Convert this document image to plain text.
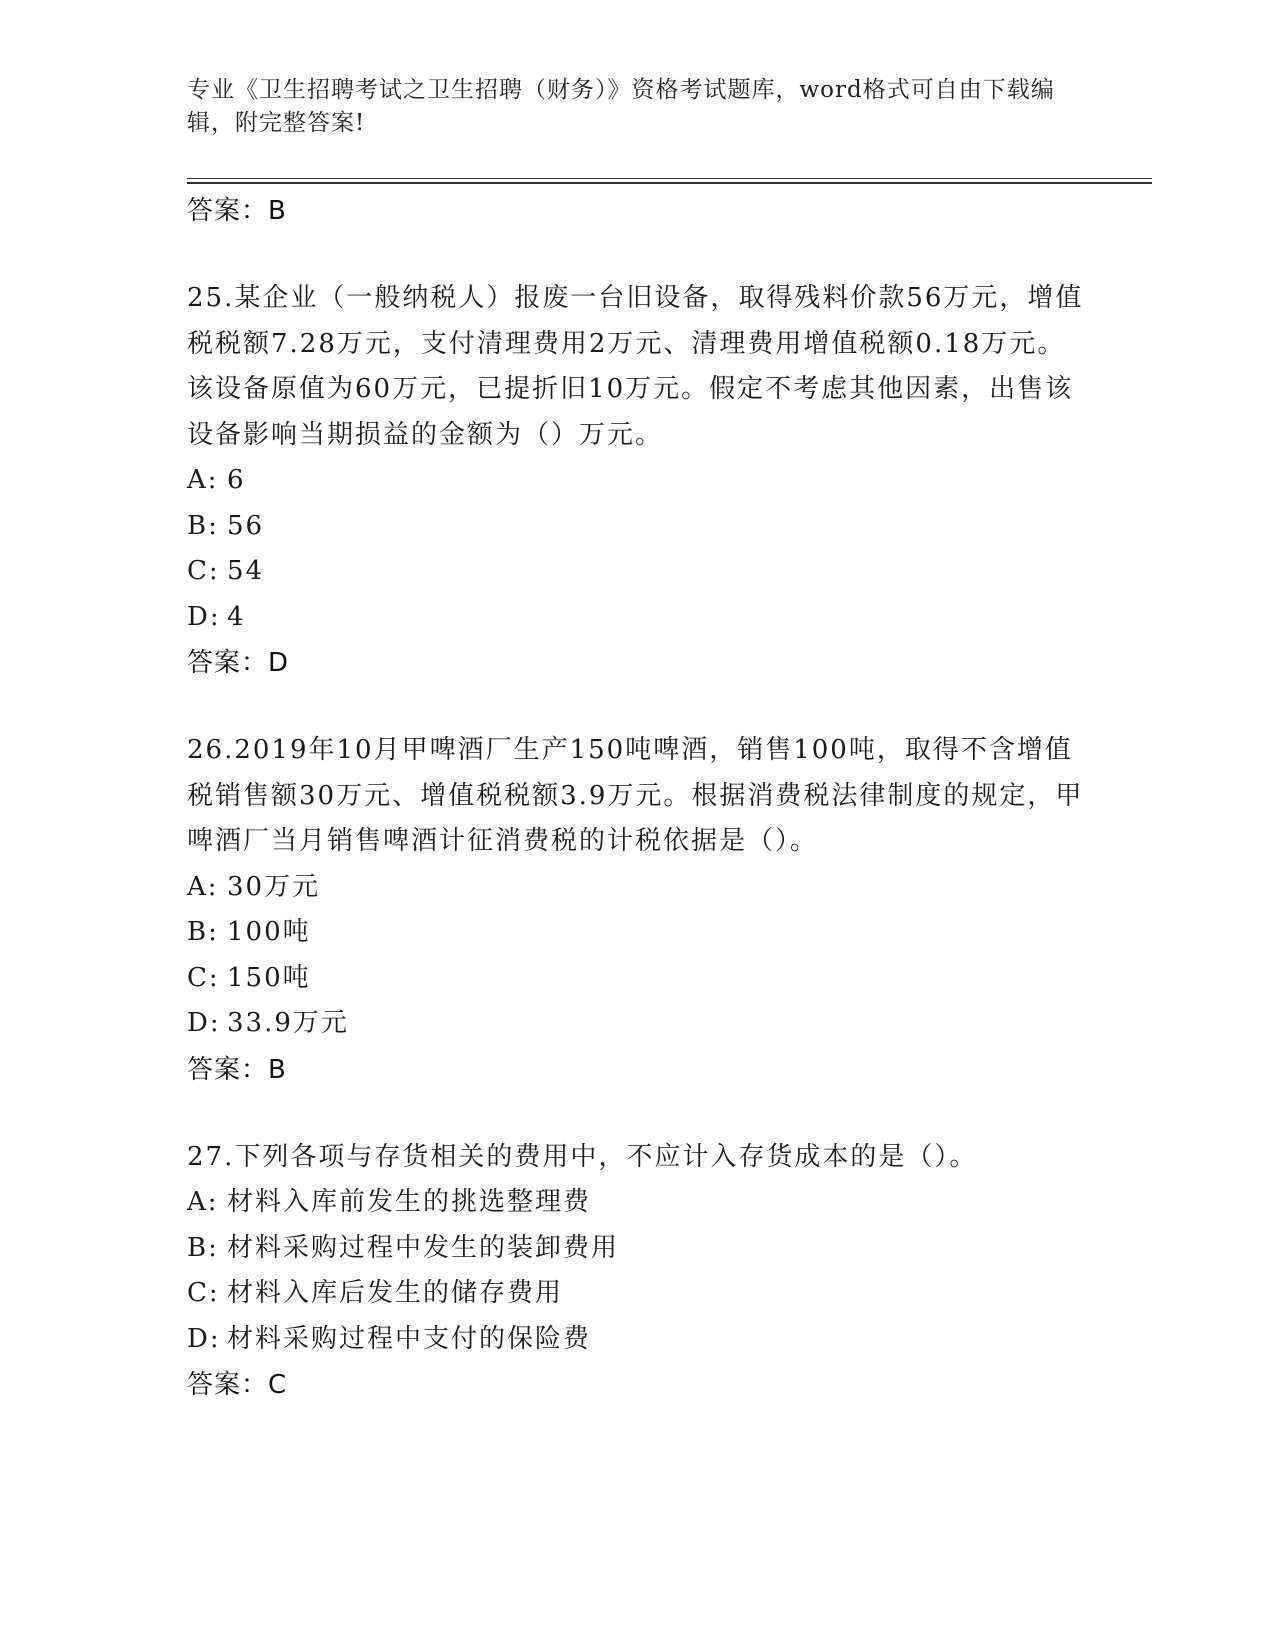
专业《卫生招聘考试之卫生招聘（财务）》资格考试题库，word格式可自由下载编辑，附完整答案!
答案：B
25.某企业（一般纳税人）报废一台旧设备，取得残料价款56万元，增值税税额7.28万元，支付清理费用2万元、清理费用增值税额0.18万元。该设备原值为60万元，已提折旧10万元。假定不考虑其他因素，出售该设备影响当期损益的金额为（）万元。
A: 6
B: 56
C: 54
D: 4
答案：D
26.2019年10月甲啤酒厂生产150吨啤酒，销售100吨，取得不含增值税销售额30万元、增值税税额3.9万元。根据消费税法律制度的规定，甲啤酒厂当月销售啤酒计征消费税的计税依据是（）。
A: 30万元
B: 100吨
C: 150吨
D: 33.9万元
答案：B
27.下列各项与存货相关的费用中，不应计入存货成本的是（）。
A: 材料入库前发生的挑选整理费
B: 材料采购过程中发生的装卸费用
C: 材料入库后发生的储存费用
D: 材料采购过程中支付的保险费
答案：C
